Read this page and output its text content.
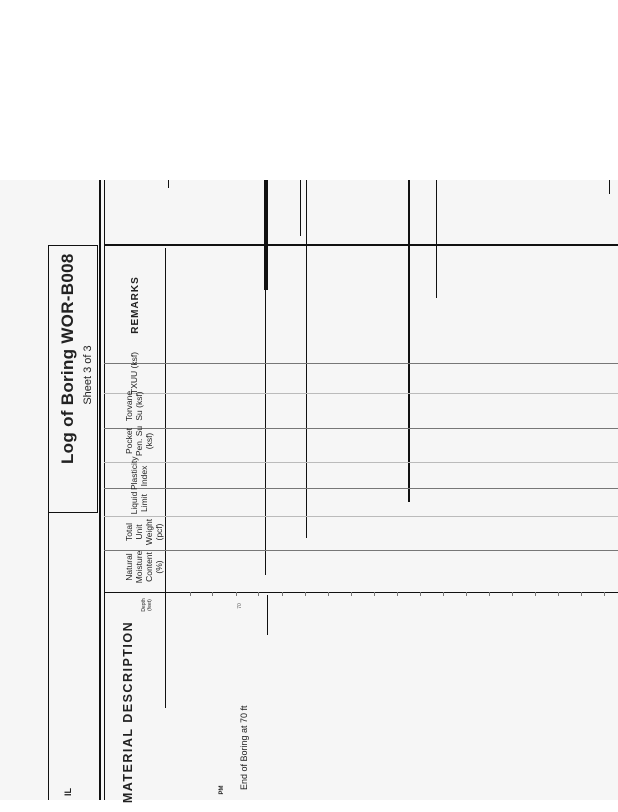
Log of Boring WOR-B008 Sheet 3 of 3
REMARKS
TXUU (ksf)
Torvane Su (ksf)
Pocket Pen. Su (ksf)
Plasticity Index
Liquid Limit
Total Unit Weight (pcf)
Natural Moisture Content (%)
Depth (feet)
MATERIAL DESCRIPTION
70
End of Boring at 70 ft
IL	PM
